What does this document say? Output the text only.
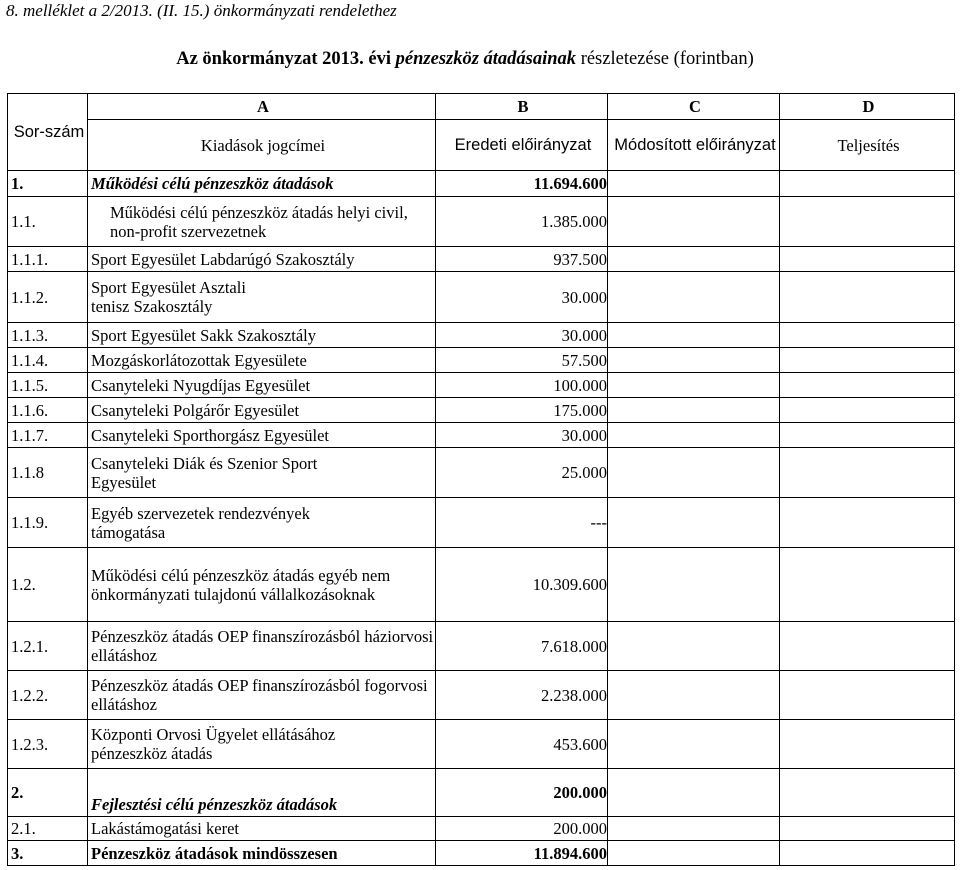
8. melléklet a 2/2013. (II. 15.) önkormányzati rendelethez
Az önkormányzat 2013. évi pénzeszköz átadásainak részletezése (forintban)
Sor-szám	A	B	C	D
	Kiadások jogcímei	Eredeti előirányzat	Módosított előirányzat	Teljesítés
1.	Működési célú pénzeszköz átadások	11.694.600		
1.1.	Működési célú pénzeszköz átadás helyi civil, non-profit szervezetnek	1.385.000		
1.1.1.	Sport Egyesület Labdarúgó Szakosztály	937.500		
1.1.2.	Sport Egyesület Asztali tenisz Szakosztály	30.000		
1.1.3.	Sport Egyesület Sakk Szakosztály	30.000		
1.1.4.	Mozgáskorlátozottak Egyesülete	57.500		
1.1.5.	Csanyteleki Nyugdíjas Egyesület	100.000		
1.1.6.	Csanyteleki Polgárőr Egyesület	175.000		
1.1.7.	Csanyteleki Sporthorgász Egyesület	30.000		
1.1.8	Csanyteleki Diák és Szenior Sport Egyesület	25.000		
1.1.9.	Egyéb szervezetek rendezvények támogatása	---		
1.2.	Működési célú pénzeszköz átadás egyéb nem önkormányzati tulajdonú vállalkozásoknak	10.309.600		
1.2.1.	Pénzeszköz átadás OEP finanszírozásból háziorvosi ellátáshoz	7.618.000		
1.2.2.	Pénzeszköz átadás OEP finanszírozásból fogorvosi ellátáshoz	2.238.000		
1.2.3.	Központi Orvosi Ügyelet ellátásához pénzeszköz átadás	453.600		
2.	Fejlesztési célú pénzeszköz átadások	200.000		
2.1.	Lakástámogatási keret	200.000		
3.	Pénzeszköz átadások mindösszesen	11.894.600		
